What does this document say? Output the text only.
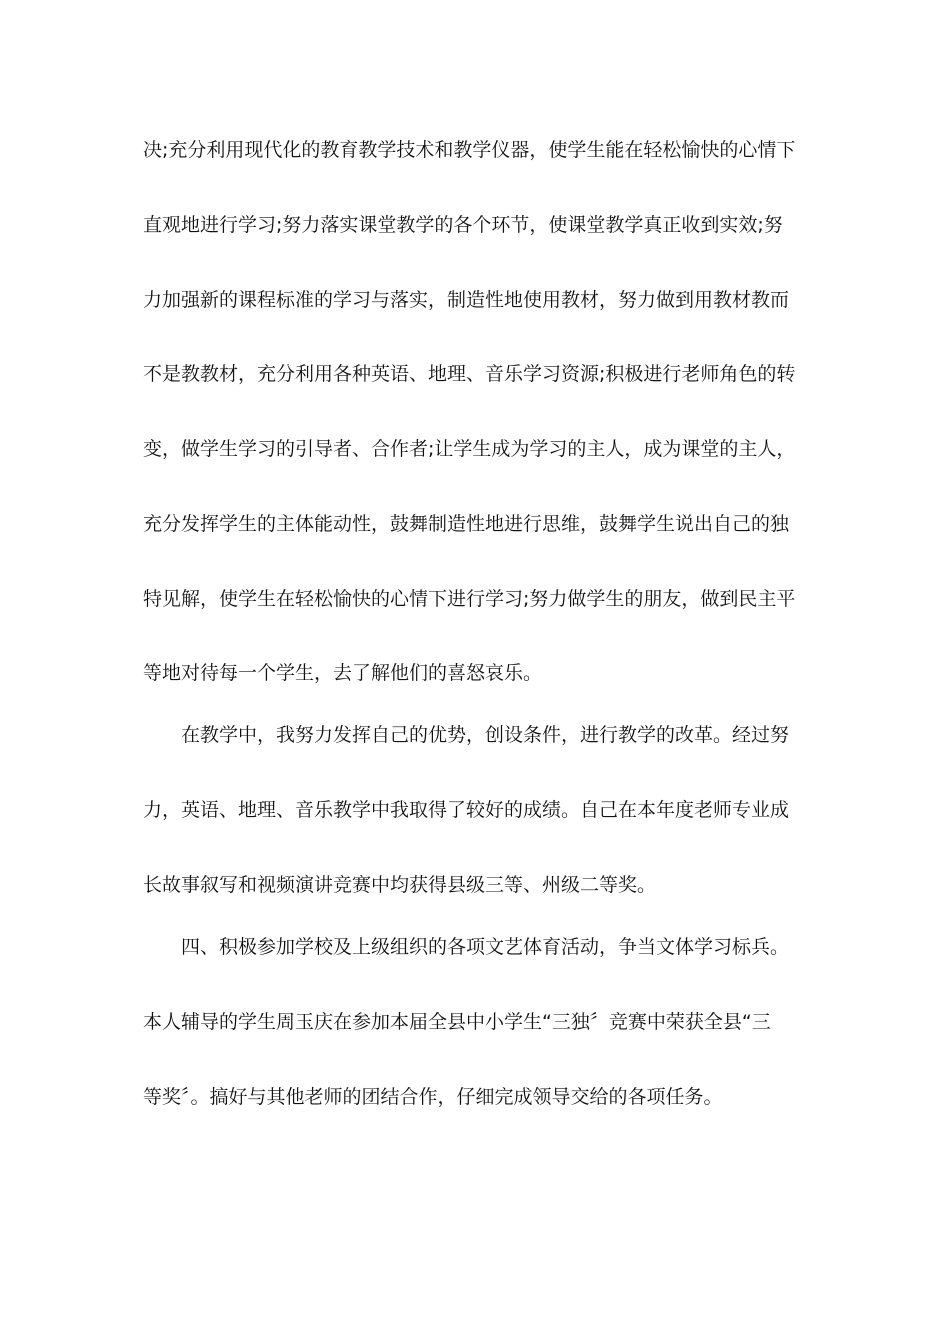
决;充分利用现代化的教育教学技术和教学仪器，使学生能在轻松愉快的心情下
直观地进行学习;努力落实课堂教学的各个环节，使课堂教学真正收到实效;努
力加强新的课程标准的学习与落实，制造性地使用教材，努力做到用教材教而
不是教教材，充分利用各种英语、地理、音乐学习资源;积极进行老师角色的转
变，做学生学习的引导者、合作者;让学生成为学习的主人，成为课堂的主人，
充分发挥学生的主体能动性，鼓舞制造性地进行思维，鼓舞学生说出自己的独
特见解，使学生在轻松愉快的心情下进行学习;努力做学生的朋友，做到民主平
等地对待每一个学生，去了解他们的喜怒哀乐。
在教学中，我努力发挥自己的优势，创设条件，进行教学的改革。经过努
力，英语、地理、音乐教学中我取得了较好的成绩。自己在本年度老师专业成
长故事叙写和视频演讲竞赛中均获得县级三等、州级二等奖。
四、积极参加学校及上级组织的各项文艺体育活动，争当文体学习标兵。
本人辅导的学生周玉庆在参加本届全县中小学生“三独〞竞赛中荣获全县“三
等奖〞。搞好与其他老师的团结合作，仔细完成领导交给的各项任务。
